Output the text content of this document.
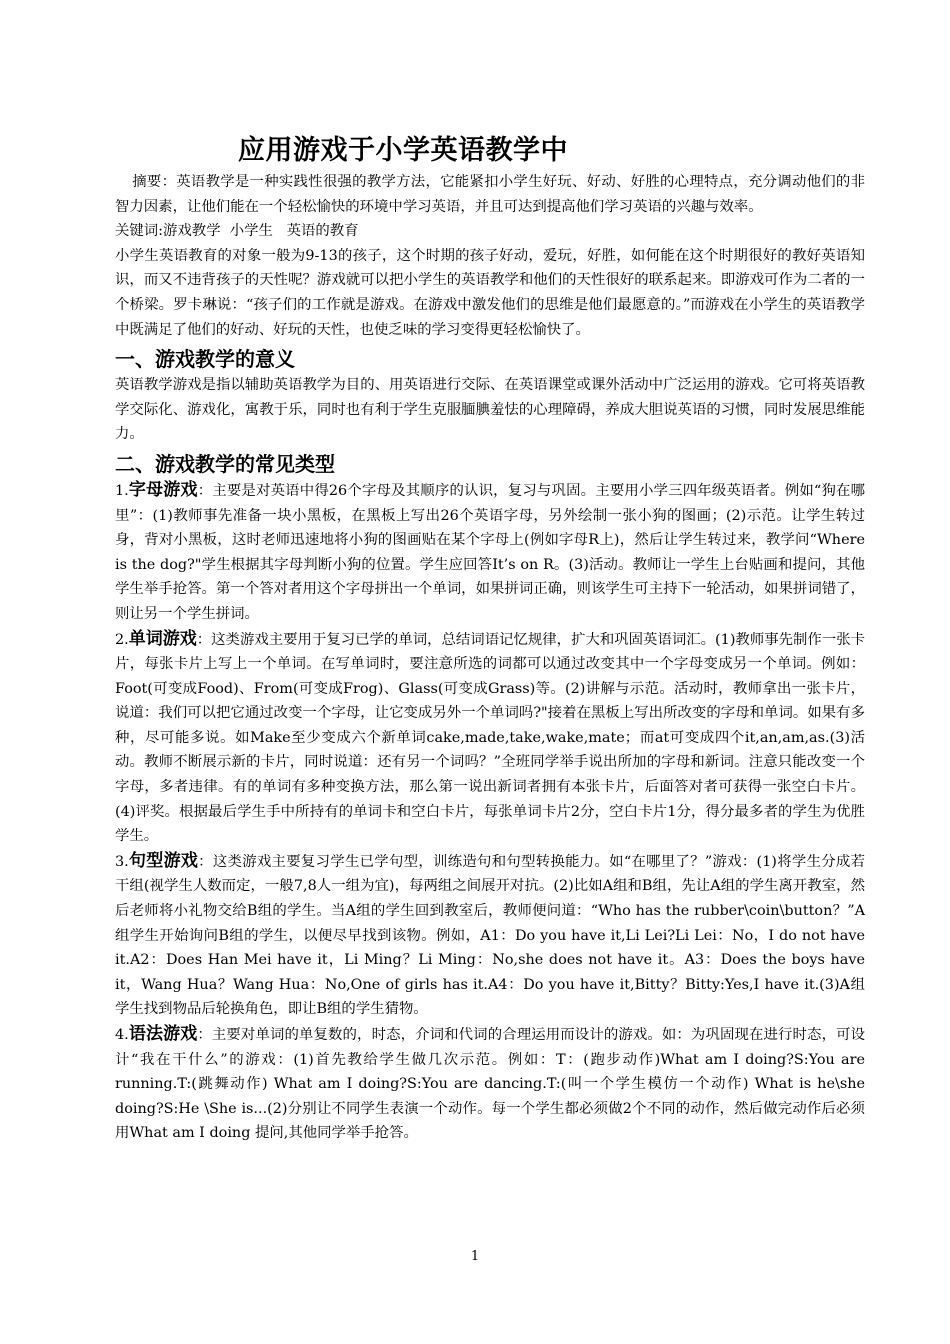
应用游戏于小学英语教学中

摘要：英语教学是一种实践性很强的教学方法，它能紧扣小学生好玩、好动、好胜的心理特点，充分调动他们的非智力因素，让他们能在一个轻松愉快的环境中学习英语，并且可达到提高他们学习英语的兴趣与效率。

关键词:游戏教学  小学生   英语的教育

小学生英语教育的对象一般为9-13的孩子，这个时期的孩子好动，爱玩，好胜，如何能在这个时期很好的教好英语知识，而又不违背孩子的天性呢？游戏就可以把小学生的英语教学和他们的天性很好的联系起来。即游戏可作为二者的一个桥梁。罗卡琳说：“孩子们的工作就是游戏。在游戏中激发他们的思维是他们最愿意的。”而游戏在小学生的英语教学中既满足了他们的好动、好玩的天性，也使乏味的学习变得更轻松愉快了。

一、游戏教学的意义

英语教学游戏是指以辅助英语教学为目的、用英语进行交际、在英语课堂或课外活动中广泛运用的游戏。它可将英语教学交际化、游戏化，寓教于乐，同时也有利于学生克服腼腆羞怯的心理障碍，养成大胆说英语的习惯，同时发展思维能力。

二、游戏教学的常见类型

1.字母游戏：主要是对英语中得26个字母及其顺序的认识，复习与巩固。主要用小学三四年级英语者。例如“狗在哪里”：(1)教师事先准备一块小黑板，在黑板上写出26个英语字母，另外绘制一张小狗的图画；(2)示范。让学生转过身，背对小黑板，这时老师迅速地将小狗的图画贴在某个字母上(例如字母R上)，然后让学生转过来，教学问“Where is the dog?"学生根据其字母判断小狗的位置。学生应回答It’s on R。(3)活动。教师让一学生上台贴画和提问，其他学生举手抢答。第一个答对者用这个字母拼出一个单词，如果拼词正确，则该学生可主持下一轮活动，如果拼词错了，则让另一个学生拼词。

2.单词游戏：这类游戏主要用于复习已学的单词，总结词语记忆规律，扩大和巩固英语词汇。(1)教师事先制作一张卡片，每张卡片上写上一个单词。在写单词时，要注意所选的词都可以通过改变其中一个字母变成另一个单词。例如：Foot(可变成Food)、From(可变成Frog)、Glass(可变成Grass)等。(2)讲解与示范。活动时，教师拿出一张卡片，说道：我们可以把它通过改变一个字母，让它变成另外一个单词吗?"接着在黑板上写出所改变的字母和单词。如果有多种，尽可能多说。如Make至少变成六个新单词cake,made,take,wake,mate；而at可变成四个it,an,am,as.(3)活动。教师不断展示新的卡片，同时说道：还有另一个词吗？”全班同学举手说出所加的字母和新词。注意只能改变一个字母，多者违律。有的单词有多种变换方法，那么第一说出新词者拥有本张卡片，后面答对者可获得一张空白卡片。(4)评奖。根据最后学生手中所持有的单词卡和空白卡片，每张单词卡片2分，空白卡片1分，得分最多者的学生为优胜学生。

3.句型游戏：这类游戏主要复习学生已学句型，训练造句和句型转换能力。如“在哪里了？”游戏：(1)将学生分成若干组(视学生人数而定，一般7,8人一组为宜)，每两组之间展开对抗。(2)比如A组和B组，先让A组的学生离开教室，然后老师将小礼物交给B组的学生。当A组的学生回到教室后，教师便问道：“Who has the rubber\coin\button？”A组学生开始询问B组的学生，以便尽早找到该物。例如，A1：Do you have it,Li Lei?Li Lei：No，I do not have it.A2：Does Han Mei have it，Li Ming？Li Ming：No,she does not have it。A3：Does the boys have it，Wang Hua？Wang Hua：No,One of girls has it.A4：Do you have it,Bitty？Bitty:Yes,I have it.(3)A组学生找到物品后轮换角色，即让B组的学生猜物。

4.语法游戏：主要对单词的单复数的，时态，介词和代词的合理运用而设计的游戏。如：为巩固现在进行时态，可设计“我在干什么”的游戏：(1)首先教给学生做几次示范。例如：T：(跑步动作)What am I doing?S:You are running.T:(跳舞动作) What am I doing?S:You are dancing.T:(叫一个学生模仿一个动作) What is he\she doing?S:He \She is...(2)分别让不同学生表演一个动作。每一个学生都必须做2个不同的动作，然后做完动作后必须用What am I doing 提问,其他同学举手抢答。

1
